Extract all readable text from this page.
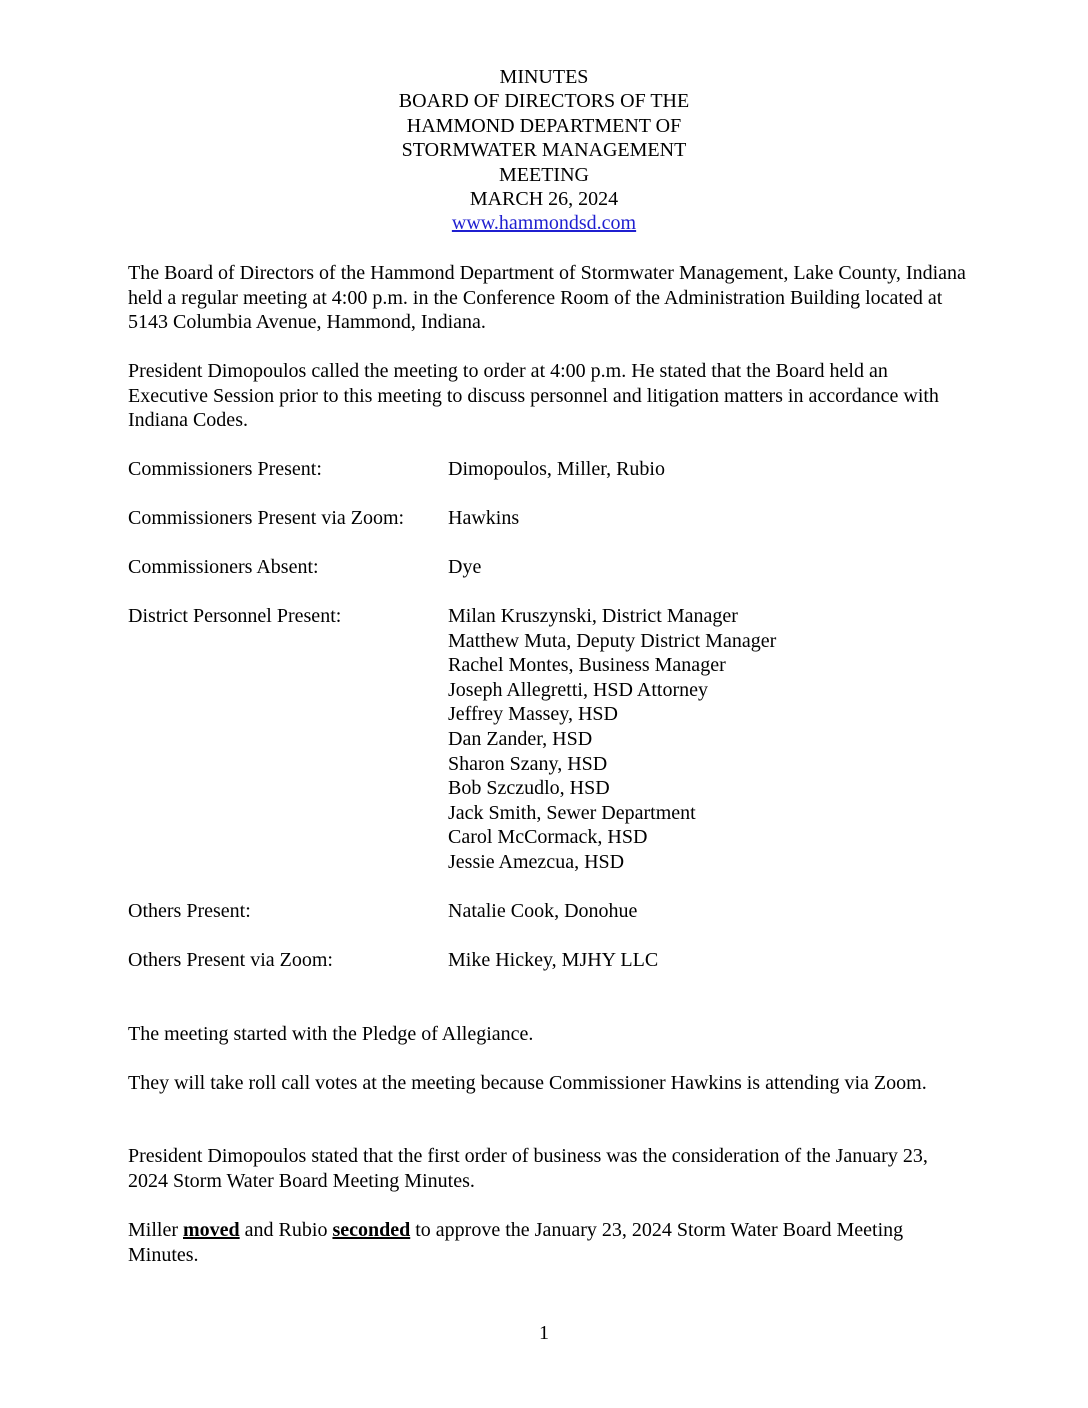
MINUTES
BOARD OF DIRECTORS OF THE
HAMMOND DEPARTMENT OF
STORMWATER MANAGEMENT
MEETING
MARCH 26, 2024
www.hammondsd.com
The Board of Directors of the Hammond Department of Stormwater Management, Lake County, Indiana held a regular meeting at 4:00 p.m. in the Conference Room of the Administration Building located at 5143 Columbia Avenue, Hammond, Indiana.
President Dimopoulos called the meeting to order at 4:00 p.m. He stated that the Board held an Executive Session prior to this meeting to discuss personnel and litigation matters in accordance with Indiana Codes.
Commissioners Present:	Dimopoulos, Miller, Rubio
Commissioners Present via Zoom: Hawkins
Commissioners Absent:	Dye
District Personnel Present:	Milan Kruszynski, District Manager
Matthew Muta, Deputy District Manager
Rachel Montes, Business Manager
Joseph Allegretti, HSD Attorney
Jeffrey Massey, HSD
Dan Zander, HSD
Sharon Szany, HSD
Bob Szczudlo, HSD
Jack Smith, Sewer Department
Carol McCormack, HSD
Jessie Amezcua, HSD
Others Present:	Natalie Cook, Donohue
Others Present via Zoom:	Mike Hickey, MJHY LLC
The meeting started with the Pledge of Allegiance.
They will take roll call votes at the meeting because Commissioner Hawkins is attending via Zoom.
President Dimopoulos stated that the first order of business was the consideration of the January 23, 2024 Storm Water Board Meeting Minutes.
Miller moved and Rubio seconded to approve the January 23, 2024 Storm Water Board Meeting Minutes.
1
